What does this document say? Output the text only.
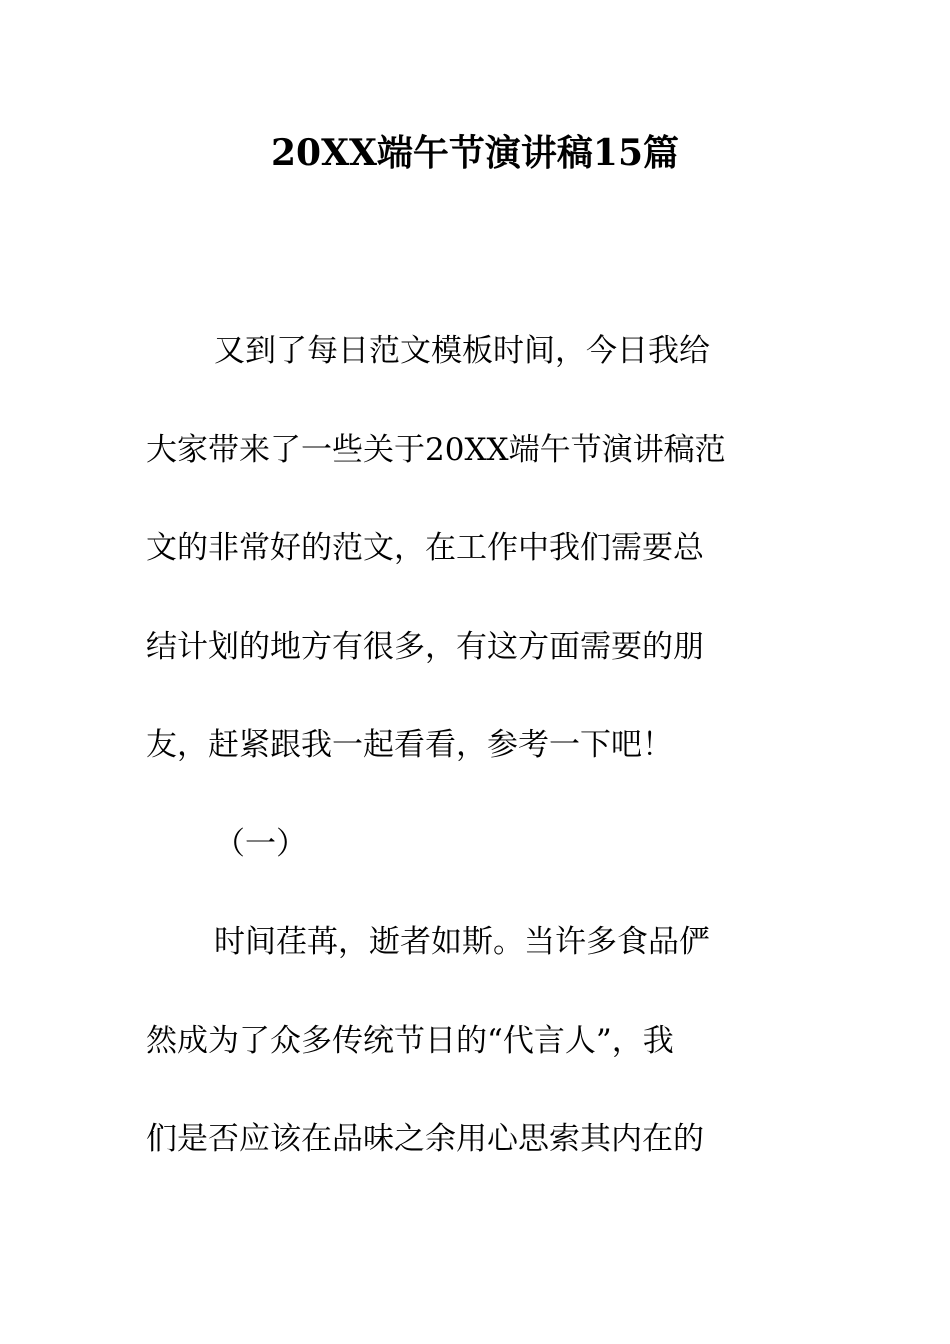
20XX端午节演讲稿15篇

又到了每日范文模板时间，今日我给
大家带来了一些关于20XX端午节演讲稿范
文的非常好的范文，在工作中我们需要总
结计划的地方有很多，有这方面需要的朋
友，赶紧跟我一起看看，参考一下吧！

（一）

时间荏苒，逝者如斯。当许多食品俨
然成为了众多传统节日的“代言人”，我
们是否应该在品味之余用心思索其内在的
